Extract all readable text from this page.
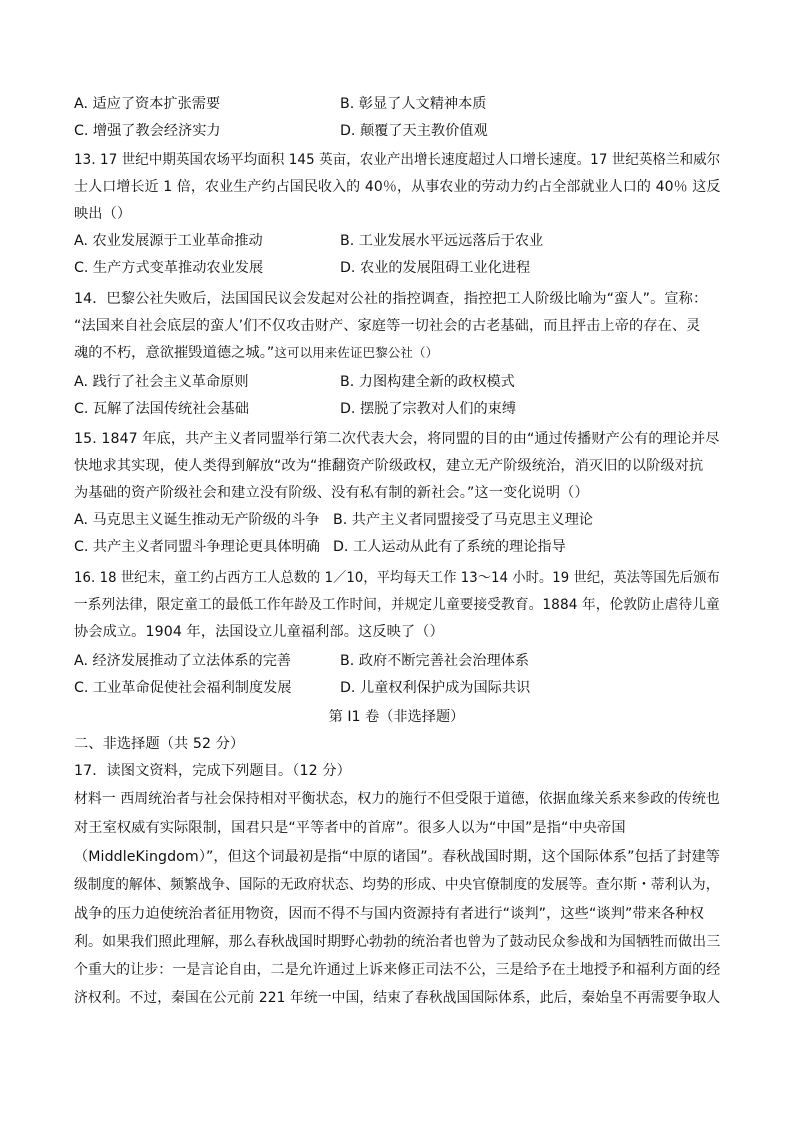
A. 适应了资本扩张需要	B. 彰显了人文精神本质
C. 增强了教会经济实力	D. 颠覆了天主教价值观
13. 17 世纪中期英国农场平均面积 145 英亩，农业产出增长速度超过人口增长速度。17 世纪英格兰和威尔
士人口增长近 1 倍，农业生产约占国民收入的 40％，从事农业的劳动力约占全部就业人口的 40％ 这反
映出（）
A. 农业发展源于工业革命推动	B. 工业发展水平远远落后于农业
C. 生产方式变革推动农业发展	D. 农业的发展阻碍工业化进程
14．巴黎公社失败后，法国国民议会发起对公社的指控调查，指控把工人阶级比喻为“蛮人”。宣称：
“法国来自社会底层的蛮人’们不仅攻击财产、家庭等一切社会的古老基础，而且抨击上帝的存在、灵
魂的不朽，意欲摧毁道德之城。”这可以用来佐证巴黎公社（）
A. 践行了社会主义革命原则	B. 力图构建全新的政权模式
C. 瓦解了法国传统社会基础	D. 摆脱了宗教对人们的束缚
15. 1847 年底，共产主义者同盟举行第二次代表大会，将同盟的目的由“通过传播财产公有的理论并尽
快地求其实现，使人类得到解放“改为“推翻资产阶级政权，建立无产阶级统治，消灭旧的以阶级对抗
为基础的资产阶级社会和建立没有阶级、没有私有制的新社会。”这一变化说明（）
A. 马克思主义诞生推动无产阶级的斗争 B. 共产主义者同盟接受了马克思主义理论
C. 共产主义者同盟斗争理论更具体明确 D. 工人运动从此有了系统的理论指导
16. 18 世纪末，童工约占西方工人总数的 1／10，平均每天工作 13～14 小时。19 世纪，英法等国先后颁布
一系列法律，限定童工的最低工作年龄及工作时间，并规定儿童要接受教育。1884 年，伦敦防止虐待儿童
协会成立。1904 年，法国设立儿童福利部。这反映了（）
A. 经济发展推动了立法体系的完善	B. 政府不断完善社会治理体系
C. 工业革命促使社会福利制度发展	D. 儿童权利保护成为国际共识
第 I1 卷（非选择题）
二、非选择题（共 52 分）
17．读图文资料，完成下列题目。（12 分）
材料一 西周统治者与社会保持相对平衡状态，权力的施行不但受限于道德，依据血缘关系来参政的传统也
对王室权威有实际限制，国君只是“平等者中的首席”。很多人以为“中国”是指“中央帝国
（MiddleKingdom）”，但这个词最初是指“中原的诸国”。春秋战国时期，这个国际体系”包括了封建等
级制度的解体、频繁战争、国际的无政府状态、均势的形成、中央官僚制度的发展等。查尔斯・蒂利认为，
战争的压力迫使统治者征用物资，因而不得不与国内资源持有者进行“谈判”，这些“谈判”带来各种权
利。如果我们照此理解，那么春秋战国时期野心勃勃的统治者也曾为了鼓动民众参战和为国牺牲而做出三
个重大的让步：一是言论自由，二是允许通过上诉来修正司法不公，三是给予在土地授予和福利方面的经
济权利。不过，秦国在公元前 221 年统一中国，结束了春秋战国国际体系，此后，秦始皇不再需要争取人
